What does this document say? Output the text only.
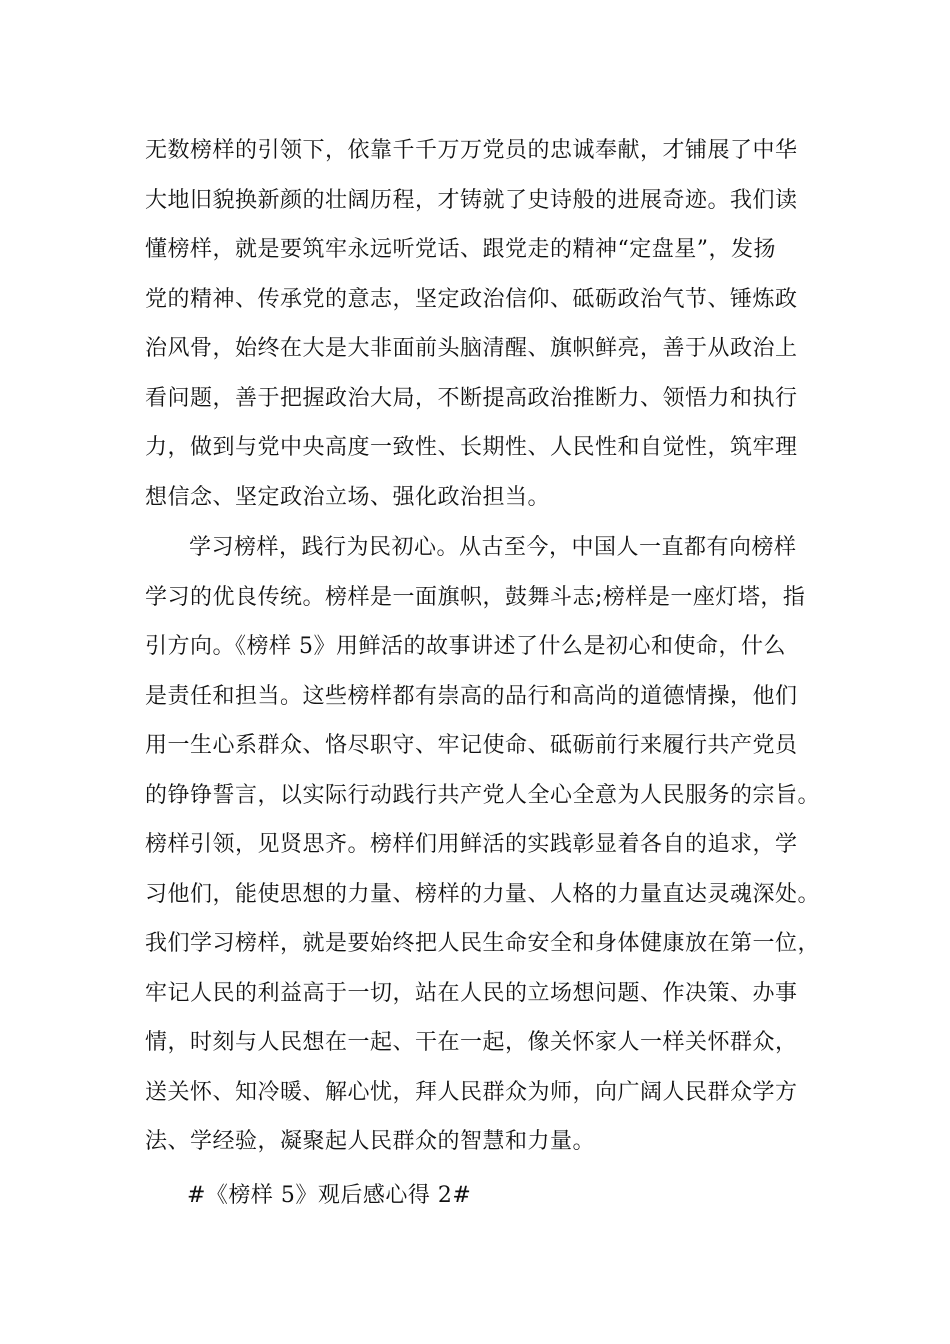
无数榜样的引领下，依靠千千万万党员的忠诚奉献，才铺展了中华
大地旧貌换新颜的壮阔历程，才铸就了史诗般的进展奇迹。我们读
懂榜样，就是要筑牢永远听党话、跟党走的精神“定盘星”，发扬
党的精神、传承党的意志，坚定政治信仰、砥砺政治气节、锤炼政
治风骨，始终在大是大非面前头脑清醒、旗帜鲜亮，善于从政治上
看问题，善于把握政治大局，不断提高政治推断力、领悟力和执行
力，做到与党中央高度一致性、长期性、人民性和自觉性，筑牢理
想信念、坚定政治立场、强化政治担当。
学习榜样，践行为民初心。从古至今，中国人一直都有向榜样
学习的优良传统。榜样是一面旗帜，鼓舞斗志;榜样是一座灯塔，指
引方向。《榜样 5》用鲜活的故事讲述了什么是初心和使命，什么
是责任和担当。这些榜样都有崇高的品行和高尚的道德情操，他们
用一生心系群众、恪尽职守、牢记使命、砥砺前行来履行共产党员
的铮铮誓言，以实际行动践行共产党人全心全意为人民服务的宗旨。
榜样引领，见贤思齐。榜样们用鲜活的实践彰显着各自的追求，学
习他们，能使思想的力量、榜样的力量、人格的力量直达灵魂深处。
我们学习榜样，就是要始终把人民生命安全和身体健康放在第一位，
牢记人民的利益高于一切，站在人民的立场想问题、作决策、办事
情，时刻与人民想在一起、干在一起，像关怀家人一样关怀群众，
送关怀、知冷暖、解心忧，拜人民群众为师，向广阔人民群众学方
法、学经验，凝聚起人民群众的智慧和力量。
#《榜样 5》观后感心得 2#
